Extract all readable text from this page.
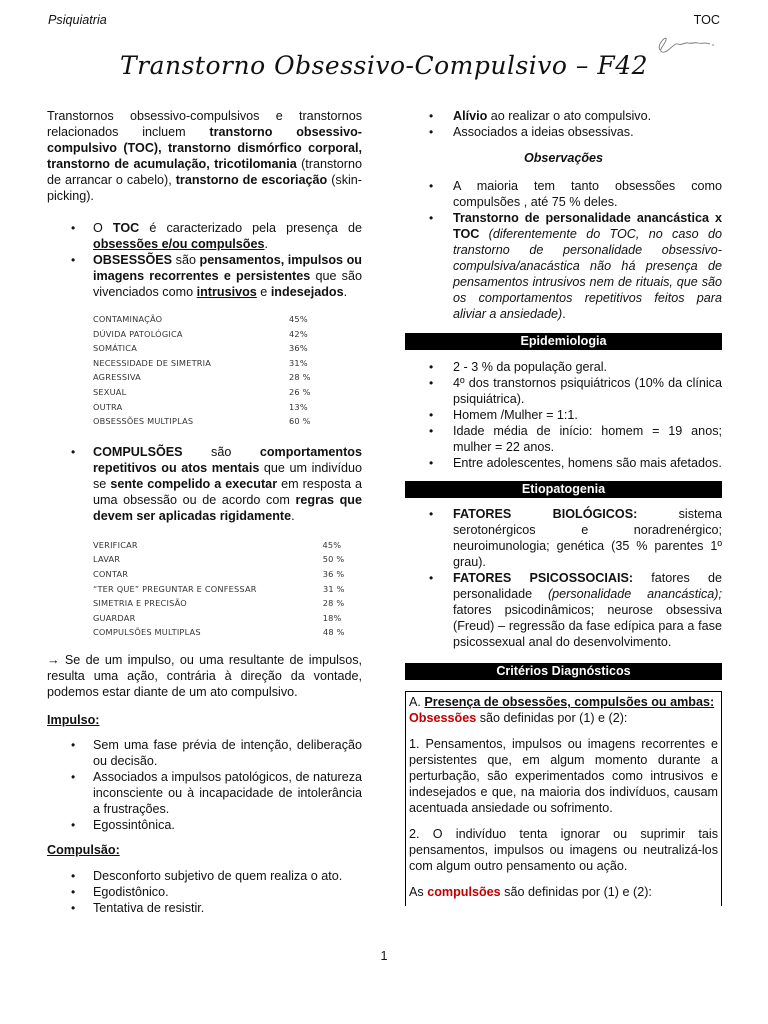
Psiquiatria	TOC
Transtorno Obsessivo-Compulsivo – F42

Transtornos obsessivo-compulsivos e transtornos relacionados incluem transtorno obsessivo-compulsivo (TOC), transtorno dismórfico corporal, transtorno de acumulação, tricotilomania (transtorno de arrancar o cabelo), transtorno de escoriação (skin-picking).

• O TOC é caracterizado pela presença de obsessões e/ou compulsões.
• OBSESSÕES são pensamentos, impulsos ou imagens recorrentes e persistentes que são vivenciados como intrusivos e indesejados.
CONTAMINAÇÃO	45%
DÚVIDA PATOLÓGICA	42%
SOMÁTICA	36%
NECESSIDADE DE SIMETRIA	31%
AGRESSIVA	28 %
SEXUAL	26 %
OUTRA	13%
OBSESSÕES MULTIPLAS	60 %
• COMPULSÕES são comportamentos repetitivos ou atos mentais que um indivíduo se sente compelido a executar em resposta a uma obsessão ou de acordo com regras que devem ser aplicadas rigidamente.
VERIFICAR	45%
LAVAR	50 %
CONTAR	36 %
“TER QUE” PREGUNTAR E CONFESSAR	31 %
SIMETRIA E PRECISÃO	28 %
GUARDAR	18%
COMPULSÕES MULTIPLAS	48 %

→ Se de um impulso, ou uma resultante de impulsos, resulta uma ação, contrária à direção da vontade, podemos estar diante de um ato compulsivo.

Impulso:

• Sem uma fase prévia de intenção, deliberação ou decisão.
• Associados a impulsos patológicos, de natureza inconsciente ou à incapacidade de intolerância a frustrações.
• Egossintônica.

Compulsão:

• Desconforto subjetivo de quem realiza o ato.
• Egodistônico.
• Tentativa de resistir.
• Alívio ao realizar o ato compulsivo.
• Associados a ideias obsessivas.

Observações

• A maioria tem tanto obsessões como compulsões , até 75 % deles.
• Transtorno de personalidade anancástica x TOC (diferentemente do TOC, no caso do transtorno de personalidade obsessivo-compulsiva/anacástica não há presença de pensamentos intrusivos nem de rituais, que são os comportamentos repetitivos feitos para aliviar a ansiedade).
Epidemiologia
• 2 - 3 % da população geral.
• 4º dos transtornos psiquiátricos (10% da clínica psiquiátrica).
• Homem /Mulher = 1:1.
• Idade média de início: homem = 19 anos; mulher = 22 anos.
• Entre adolescentes, homens são mais afetados.
Etiopatogenia
• FATORES BIOLÓGICOS: sistema serotonérgicos e noradrenérgico; neuroimunologia; genética (35 % parentes 1º grau).
• FATORES PSICOSSOCIAIS: fatores de personalidade (personalidade anancástica); fatores psicodinâmicos; neurose obsessiva (Freud) – regressão da fase edípica para a fase psicossexual anal do desenvolvimento.
Critérios Diagnósticos

A. Presença de obsessões, compulsões ou ambas:

Obsessões são definidas por (1) e (2):

1. Pensamentos, impulsos ou imagens recorrentes e persistentes que, em algum momento durante a perturbação, são experimentados como intrusivos e indesejados e que, na maioria dos indivíduos, causam acentuada ansiedade ou sofrimento.

2. O indivíduo tenta ignorar ou suprimir tais pensamentos, impulsos ou imagens ou neutralizá-los com algum outro pensamento ou ação.

As compulsões são definidas por (1) e (2):

1
